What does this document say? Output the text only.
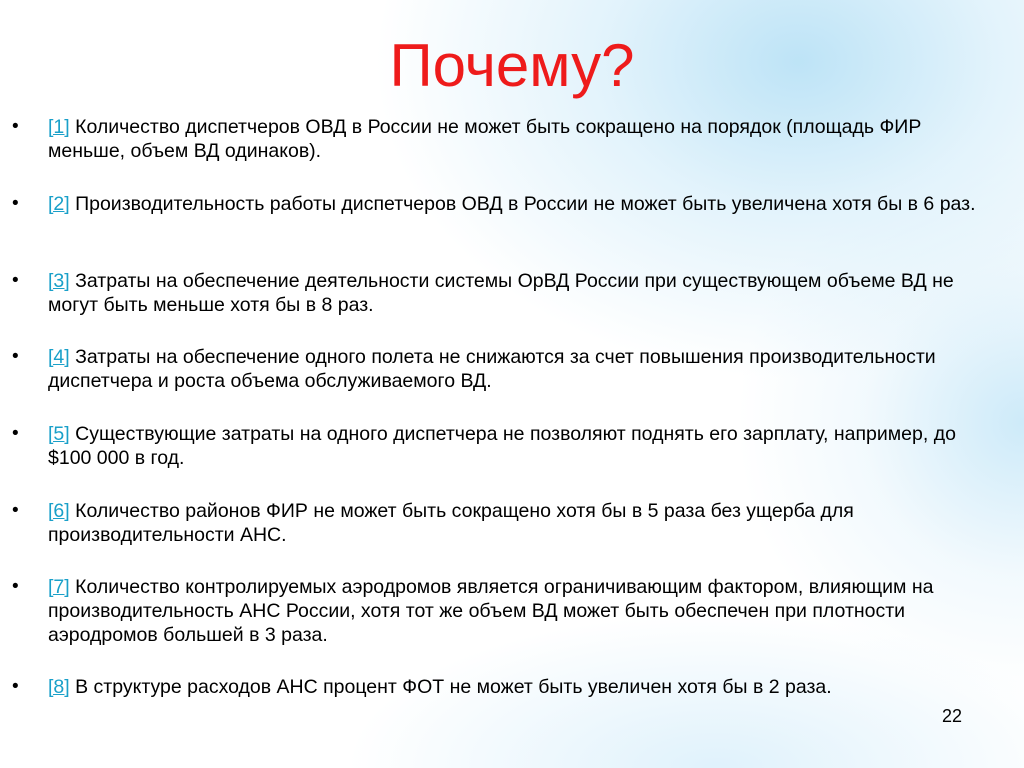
Почему?
• [1] Количество диспетчеров ОВД в России не может быть сокращено на порядок (площадь ФИР меньше, объем ВД одинаков).
• [2] Производительность работы диспетчеров ОВД в России не может быть увеличена хотя бы в 6 раз.
• [3] Затраты на обеспечение деятельности системы ОрВД России при существующем объеме ВД не могут быть меньше хотя бы в 8 раз.
• [4] Затраты на обеспечение одного полета не снижаются за счет повышения производительности диспетчера и роста объема обслуживаемого ВД.
• [5] Существующие затраты на одного диспетчера не позволяют поднять его зарплату, например, до $100 000 в год.
• [6] Количество районов ФИР не может быть сокращено хотя бы в 5 раза без ущерба для производительности АНС.
• [7] Количество контролируемых аэродромов является ограничивающим фактором, влияющим на производительность АНС России, хотя тот же объем ВД может быть обеспечен при плотности аэродромов большей в 3 раза.
• [8] В структуре расходов АНС процент ФОТ не может быть увеличен хотя бы в 2 раза.
22
